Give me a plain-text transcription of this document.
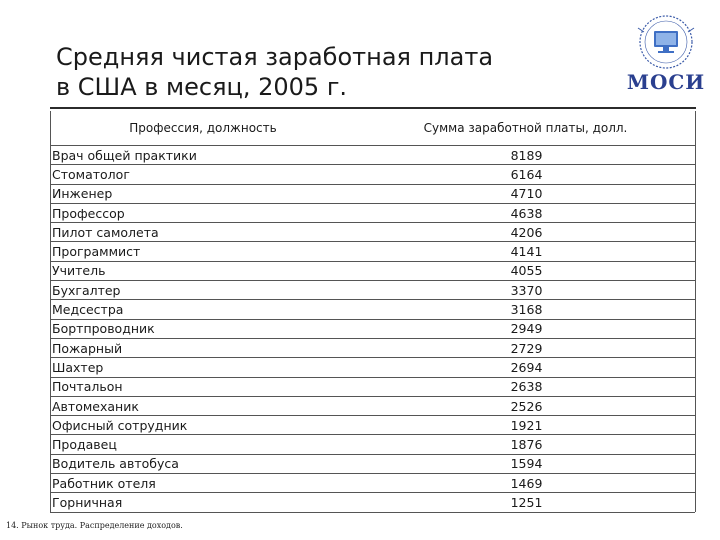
Средняя чистая заработная плата
в США в месяц, 2005 г.	МОСИ
Профессия, должность	Сумма заработной платы, долл.
Врач общей практики	8189
Стоматолог	6164
Инженер	4710
Профессор	4638
Пилот самолета	4206
Программист	4141
Учитель	4055
Бухгалтер	3370
Медсестра	3168
Бортпроводник	2949
Пожарный	2729
Шахтер	2694
Почтальон	2638
Автомеханик	2526
Офисный сотрудник	1921
Продавец	1876
Водитель автобуса	1594
Работник отеля	1469
Горничная	1251
14. Рынок труда. Распределение доходов.
